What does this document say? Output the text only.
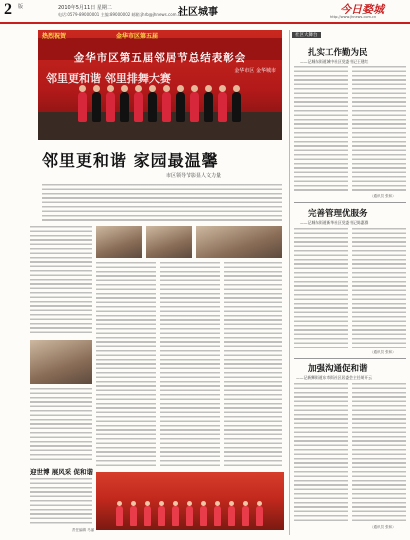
2 版	2010年5月11日 星期二
电话:0579-89000001 主编:89000002 邮箱:jhrb@jhnews.com.cn
社区城事	今日婺城
http://www.jhnews.com.cn
热烈祝贺	金华市区第五届
金华市区第五届邻居节总结表彰会
邻里更和谐 邻里排舞大赛
金华市区 金华城市
邻里更和谐 家园最温馨
市区领导节影显人文力量
社区大舞台
扎实工作勤为民
——记城东街道城中社区党委书记王建红
（通讯员 张和）
完善管理优服务
——记城东街道新华社区党委书记陈惠群
（通讯员 张和）
加强沟通促和谐
——记新狮街道东市街社区居委会主任胡开云
（通讯员 张和）
迎世博 展风采 促和谐
责任编辑 马丽
